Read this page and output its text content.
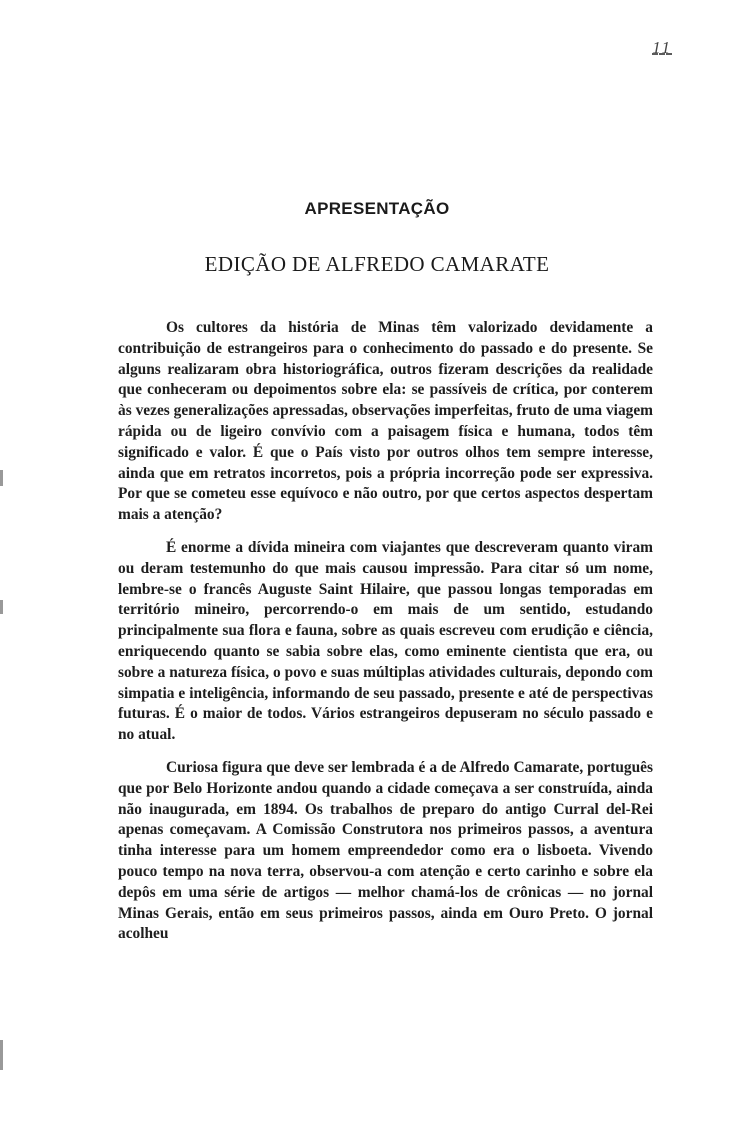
11
APRESENTAÇÃO
EDIÇÃO DE ALFREDO CAMARATE

Os cultores da história de Minas têm valorizado devidamente a contribuição de estrangeiros para o conhecimento do passado e do presente. Se alguns realizaram obra historiográfica, outros fizeram descrições da realidade que conheceram ou depoimentos sobre ela: se passíveis de crítica, por conterem às vezes generalizações apressadas, observações imperfeitas, fruto de uma viagem rápida ou de ligeiro convívio com a paisagem física e humana, todos têm significado e valor. É que o País visto por outros olhos tem sempre interesse, ainda que em retratos incorretos, pois a própria incorreção pode ser expressiva. Por que se cometeu esse equívoco e não outro, por que certos aspectos despertam mais a atenção?

É enorme a dívida mineira com viajantes que descreveram quanto viram ou deram testemunho do que mais causou impressão. Para citar só um nome, lembre-se o francês Auguste Saint Hilaire, que passou longas temporadas em território mineiro, percorrendo-o em mais de um sentido, estudando principalmente sua flora e fauna, sobre as quais escreveu com erudição e ciência, enriquecendo quanto se sabia sobre elas, como eminente cientista que era, ou sobre a natureza física, o povo e suas múltiplas atividades culturais, depondo com simpatia e inteligência, informando de seu passado, presente e até de perspectivas futuras. É o maior de todos. Vários estrangeiros depuseram no século passado e no atual.

Curiosa figura que deve ser lembrada é a de Alfredo Camarate, português que por Belo Horizonte andou quando a cidade começava a ser construída, ainda não inaugurada, em 1894. Os trabalhos de preparo do antigo Curral del-Rei apenas começavam. A Comissão Construtora nos primeiros passos, a aventura tinha interesse para um homem empreendedor como era o lisboeta. Vivendo pouco tempo na nova terra, observou-a com atenção e certo carinho e sobre ela depôs em uma série de artigos — melhor chamá-los de crônicas — no jornal Minas Gerais, então em seus primeiros passos, ainda em Ouro Preto. O jornal acolheu
